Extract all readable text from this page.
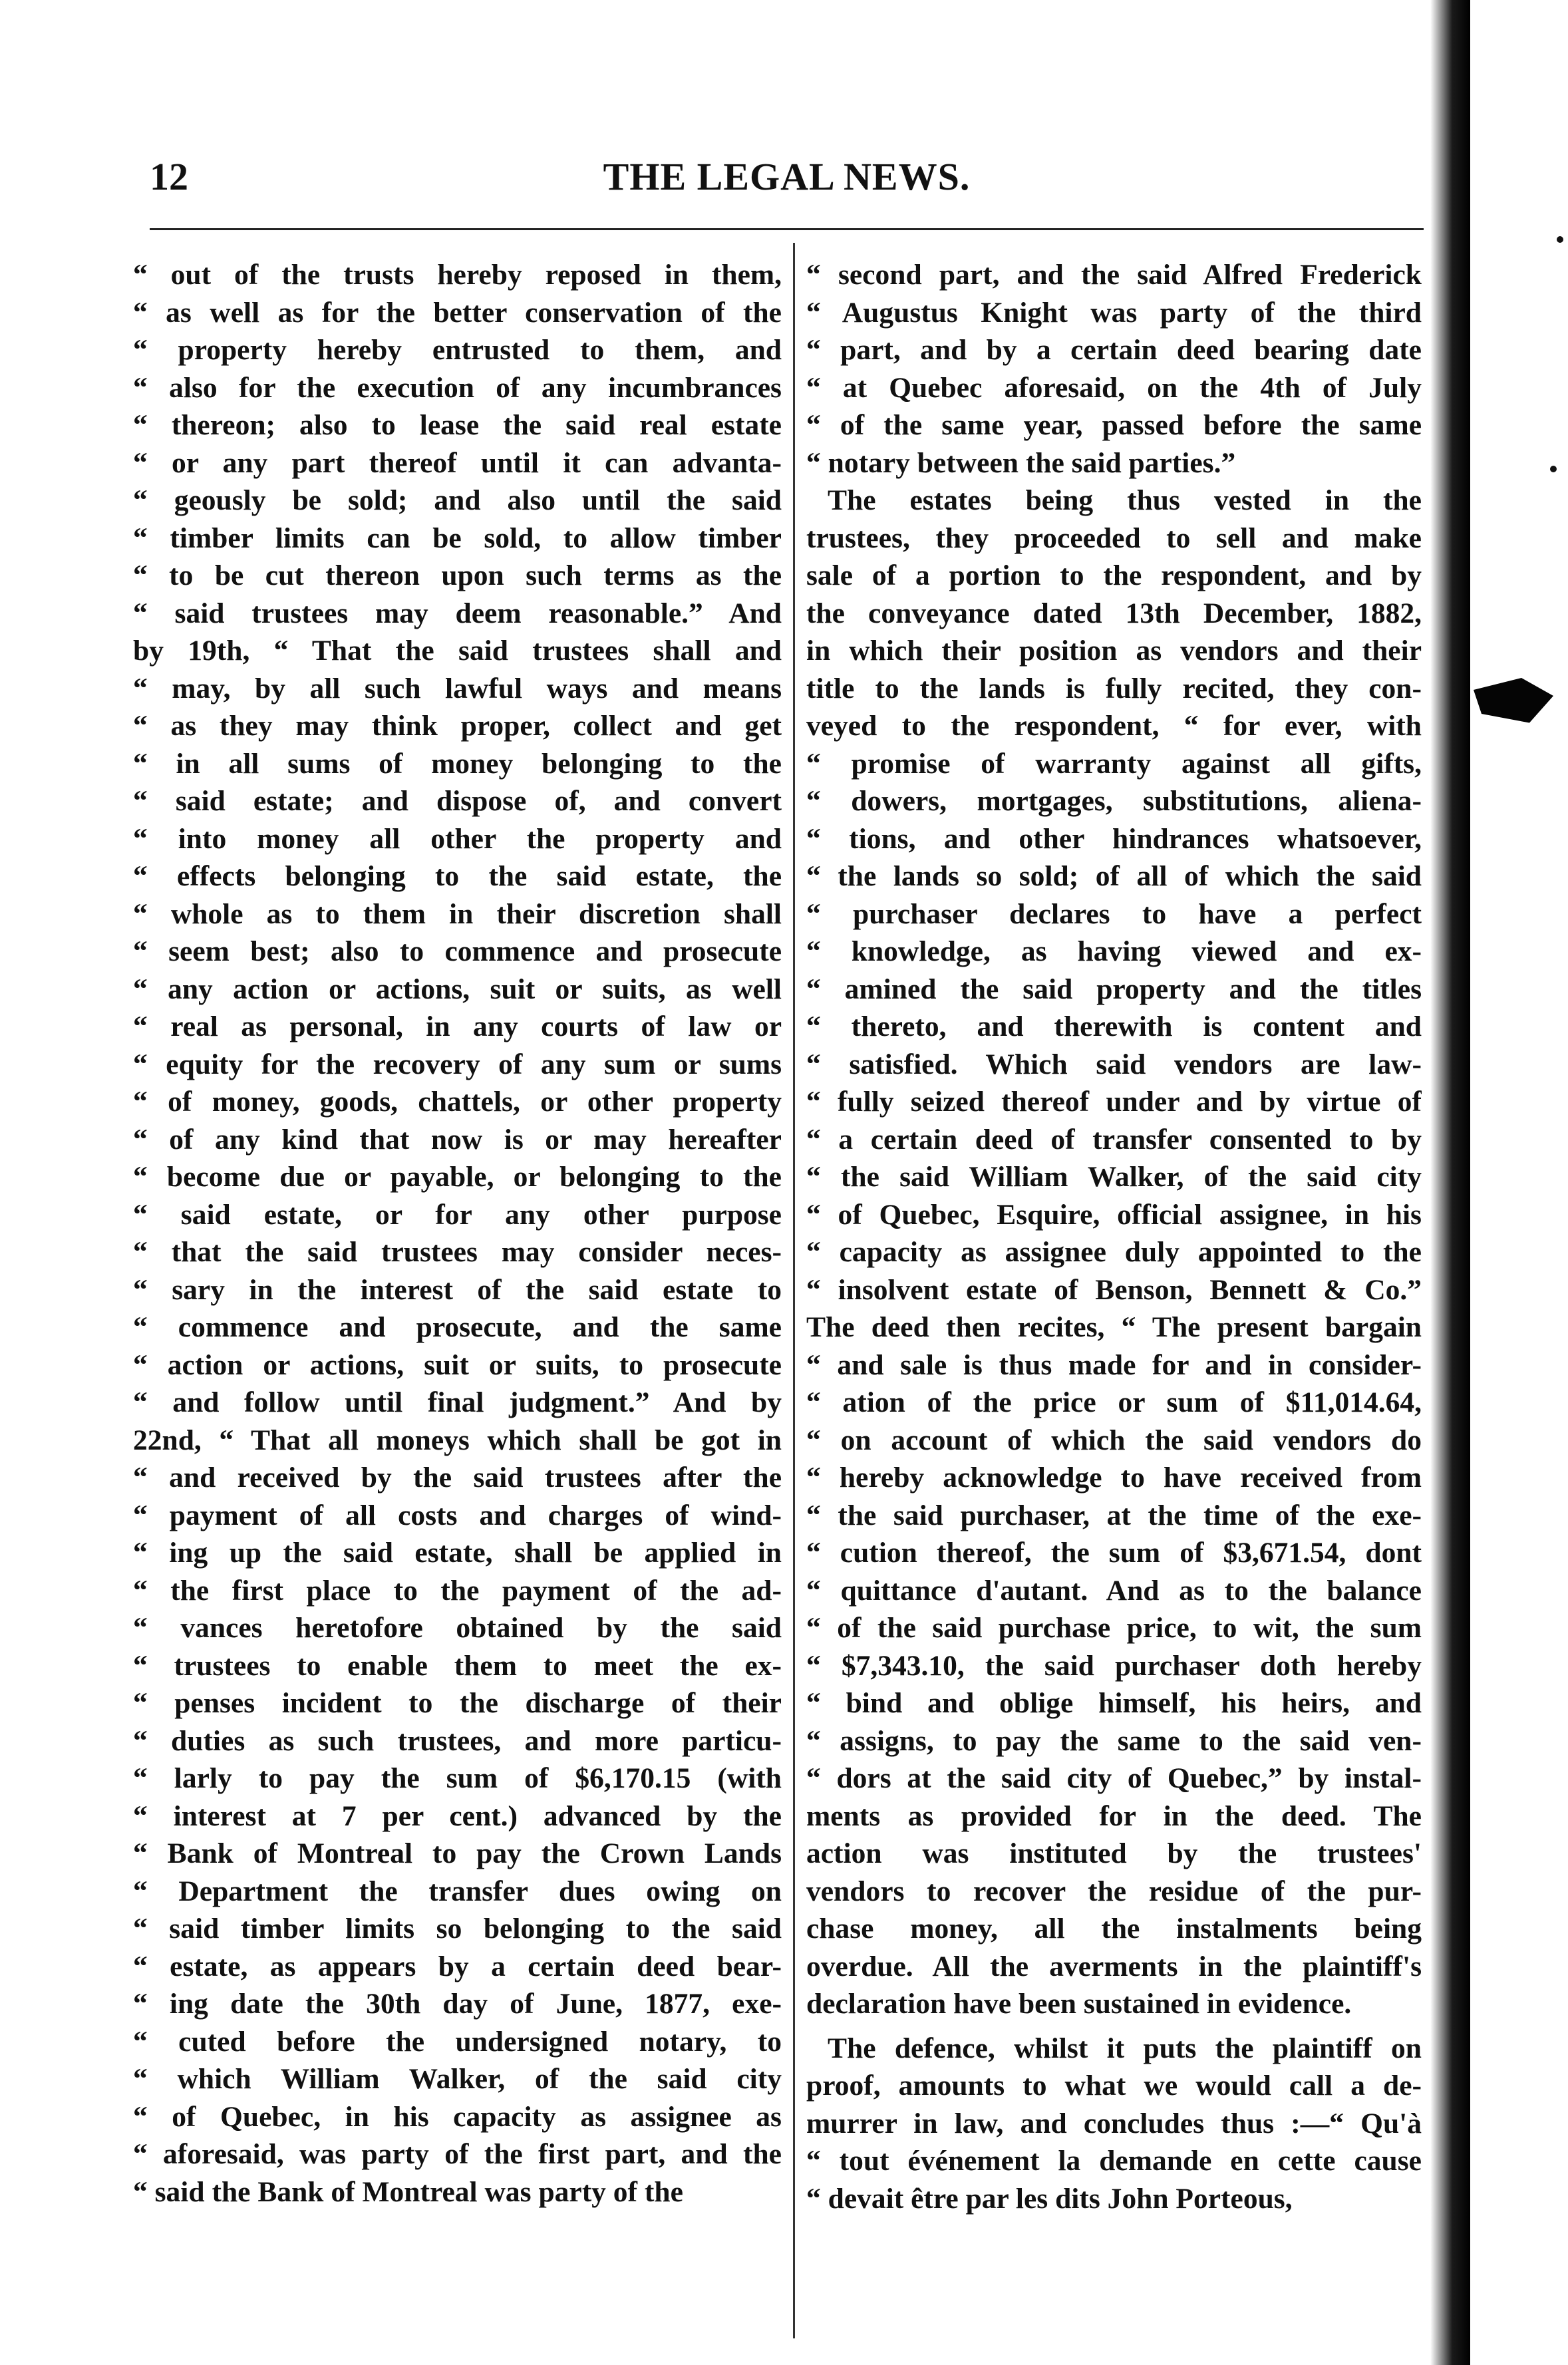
12	THE LEGAL NEWS.
“ out of the trusts hereby reposed in them,
“ as well as for the better conservation of the
“ property hereby entrusted to them, and
“ also for the execution of any incumbrances
“ thereon; also to lease the said real estate
“ or any part thereof until it can advanta-
“ geously be sold; and also until the said
“ timber limits can be sold, to allow timber
“ to be cut thereon upon such terms as the
“ said trustees may deem reasonable.” And
by 19th, “ That the said trustees shall and
“ may, by all such lawful ways and means
“ as they may think proper, collect and get
“ in all sums of money belonging to the
“ said estate; and dispose of, and convert
“ into money all other the property and
“ effects belonging to the said estate, the
“ whole as to them in their discretion shall
“ seem best; also to commence and prosecute
“ any action or actions, suit or suits, as well
“ real as personal, in any courts of law or
“ equity for the recovery of any sum or sums
“ of money, goods, chattels, or other property
“ of any kind that now is or may hereafter
“ become due or payable, or belonging to the
“ said estate, or for any other purpose
“ that the said trustees may consider neces-
“ sary in the interest of the said estate to
“ commence and prosecute, and the same
“ action or actions, suit or suits, to prosecute
“ and follow until final judgment.” And by
22nd, “ That all moneys which shall be got in
“ and received by the said trustees after the
“ payment of all costs and charges of wind-
“ ing up the said estate, shall be applied in
“ the first place to the payment of the ad-
“ vances heretofore obtained by the said
“ trustees to enable them to meet the ex-
“ penses incident to the discharge of their
“ duties as such trustees, and more particu-
“ larly to pay the sum of $6,170.15 (with
“ interest at 7 per cent.) advanced by the
“ Bank of Montreal to pay the Crown Lands
“ Department the transfer dues owing on
“ said timber limits so belonging to the said
“ estate, as appears by a certain deed bear-
“ ing date the 30th day of June, 1877, exe-
“ cuted before the undersigned notary, to
“ which William Walker, of the said city
“ of Quebec, in his capacity as assignee as
“ aforesaid, was party of the first part, and the
“ said the Bank of Montreal was party of the
“ second part, and the said Alfred Frederick
“ Augustus Knight was party of the third
“ part, and by a certain deed bearing date
“ at Quebec aforesaid, on the 4th of July
“ of the same year, passed before the same
“ notary between the said parties.”
The estates being thus vested in the
trustees, they proceeded to sell and make
sale of a portion to the respondent, and by
the conveyance dated 13th December, 1882,
in which their position as vendors and their
title to the lands is fully recited, they con-
veyed to the respondent, “ for ever, with
“ promise of warranty against all gifts,
“ dowers, mortgages, substitutions, aliena-
“ tions, and other hindrances whatsoever,
“ the lands so sold; of all of which the said
“ purchaser declares to have a perfect
“ knowledge, as having viewed and ex-
“ amined the said property and the titles
“ thereto, and therewith is content and
“ satisfied. Which said vendors are law-
“ fully seized thereof under and by virtue of
“ a certain deed of transfer consented to by
“ the said William Walker, of the said city
“ of Quebec, Esquire, official assignee, in his
“ capacity as assignee duly appointed to the
“ insolvent estate of Benson, Bennett & Co.”
The deed then recites, “ The present bargain
“ and sale is thus made for and in consider-
“ ation of the price or sum of $11,014.64,
“ on account of which the said vendors do
“ hereby acknowledge to have received from
“ the said purchaser, at the time of the exe-
“ cution thereof, the sum of $3,671.54, dont
“ quittance d'autant. And as to the balance
“ of the said purchase price, to wit, the sum
“ $7,343.10, the said purchaser doth hereby
“ bind and oblige himself, his heirs, and
“ assigns, to pay the same to the said ven-
“ dors at the said city of Quebec,” by instal-
ments as provided for in the deed. The
action was instituted by the trustees'
vendors to recover the residue of the pur-
chase money, all the instalments being
overdue. All the averments in the plaintiff's
declaration have been sustained in evidence.
The defence, whilst it puts the plaintiff on
proof, amounts to what we would call a de-
murrer in law, and concludes thus :—“ Qu'à
“ tout événement la demande en cette cause
“ devait être par les dits John Porteous,
